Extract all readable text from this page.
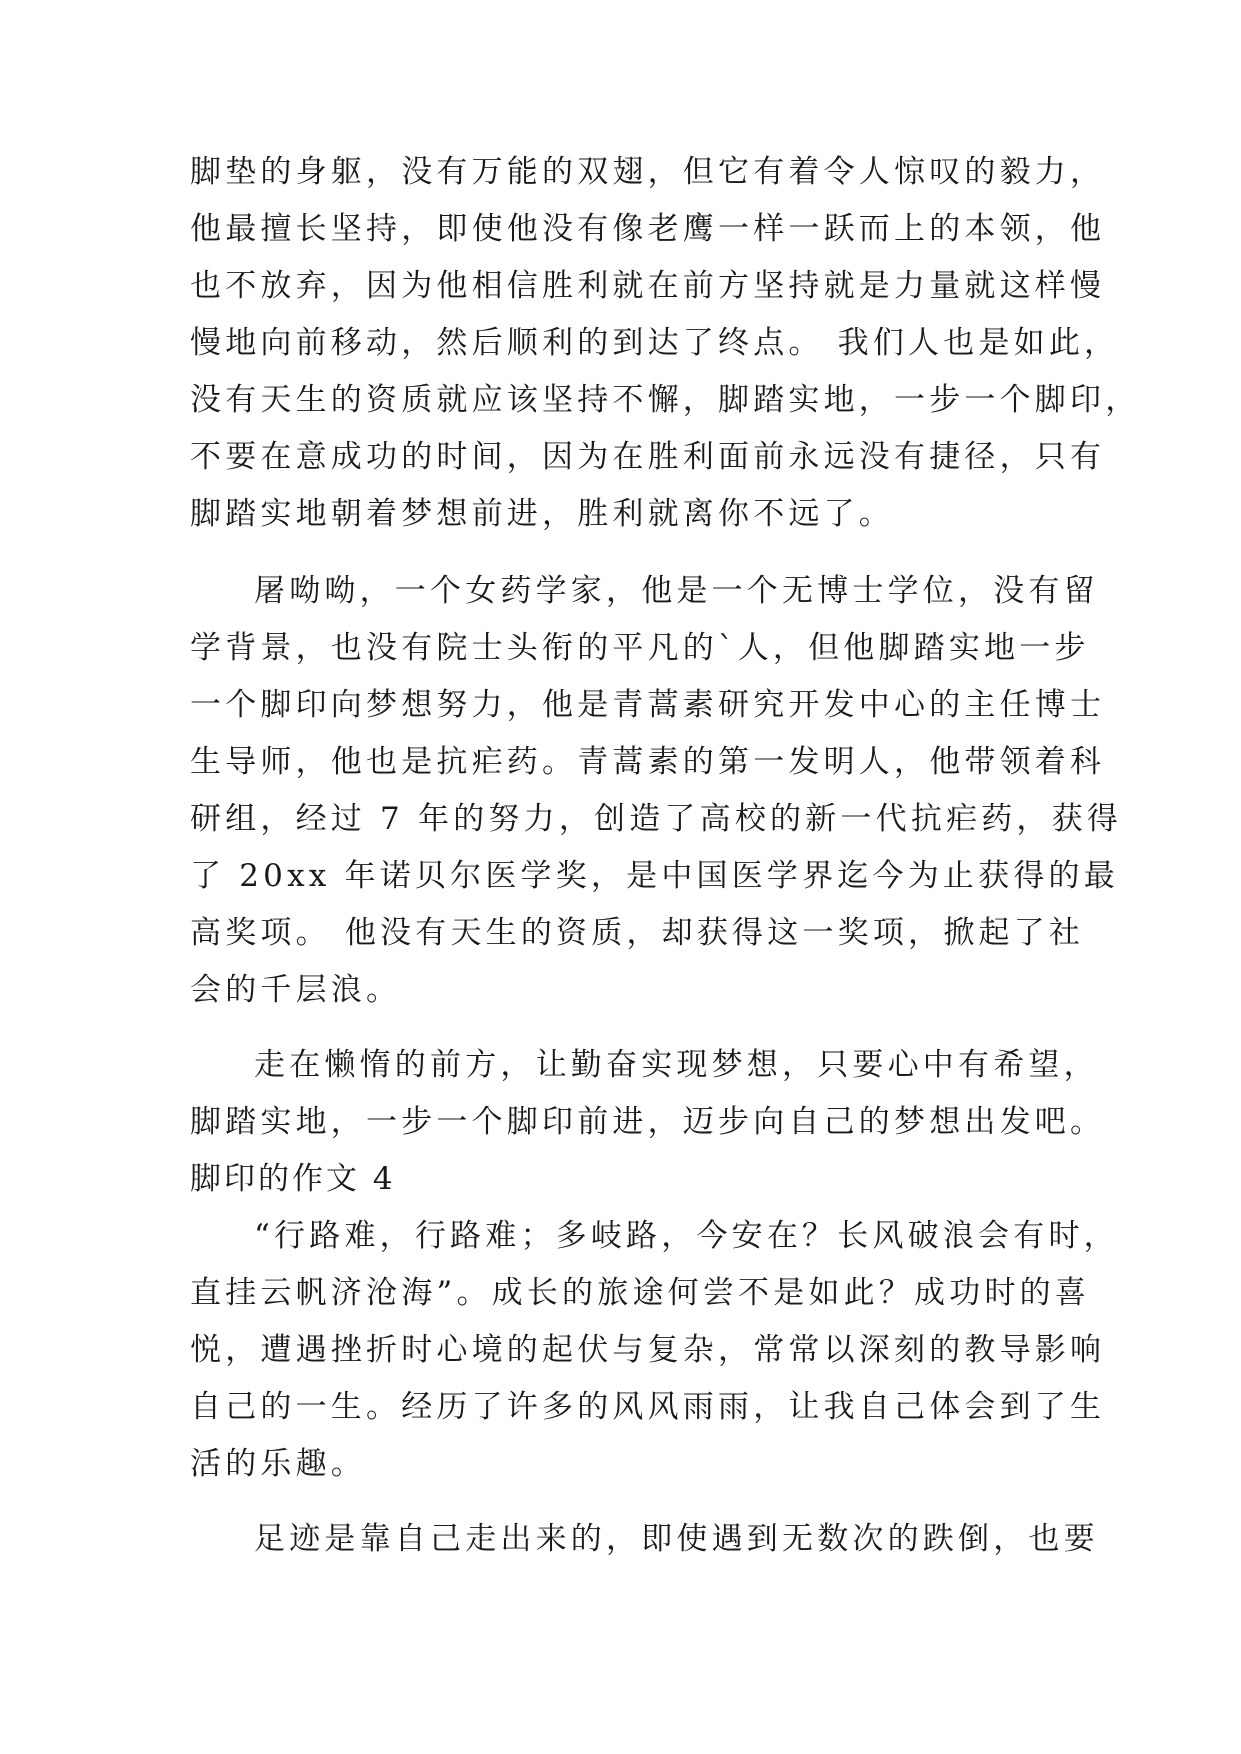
脚垫的身躯，没有万能的双翅，但它有着令人惊叹的毅力，
他最擅长坚持，即使他没有像老鹰一样一跃而上的本领，他
也不放弃，因为他相信胜利就在前方坚持就是力量就这样慢
慢地向前移动，然后顺利的到达了终点。 我们人也是如此，
没有天生的资质就应该坚持不懈，脚踏实地，一步一个脚印，
不要在意成功的时间，因为在胜利面前永远没有捷径，只有
脚踏实地朝着梦想前进，胜利就离你不远了。
屠呦呦，一个女药学家，他是一个无博士学位，没有留
学背景，也没有院士头衔的平凡的`人，但他脚踏实地一步
一个脚印向梦想努力，他是青蒿素研究开发中心的主任博士
生导师，他也是抗疟药。青蒿素的第一发明人，他带领着科
研组，经过 7 年的努力，创造了高校的新一代抗疟药，获得
了 20xx 年诺贝尔医学奖，是中国医学界迄今为止获得的最
高奖项。 他没有天生的资质，却获得这一奖项，掀起了社
会的千层浪。
走在懒惰的前方，让勤奋实现梦想，只要心中有希望，
脚踏实地，一步一个脚印前进，迈步向自己的梦想出发吧。
脚印的作文 4
“行路难，行路难；多岐路，今安在？长风破浪会有时，
直挂云帆济沧海”。成长的旅途何尝不是如此？成功时的喜
悦，遭遇挫折时心境的起伏与复杂，常常以深刻的教导影响
自己的一生。经历了许多的风风雨雨，让我自己体会到了生
活的乐趣。
足迹是靠自己走出来的，即使遇到无数次的跌倒，也要
